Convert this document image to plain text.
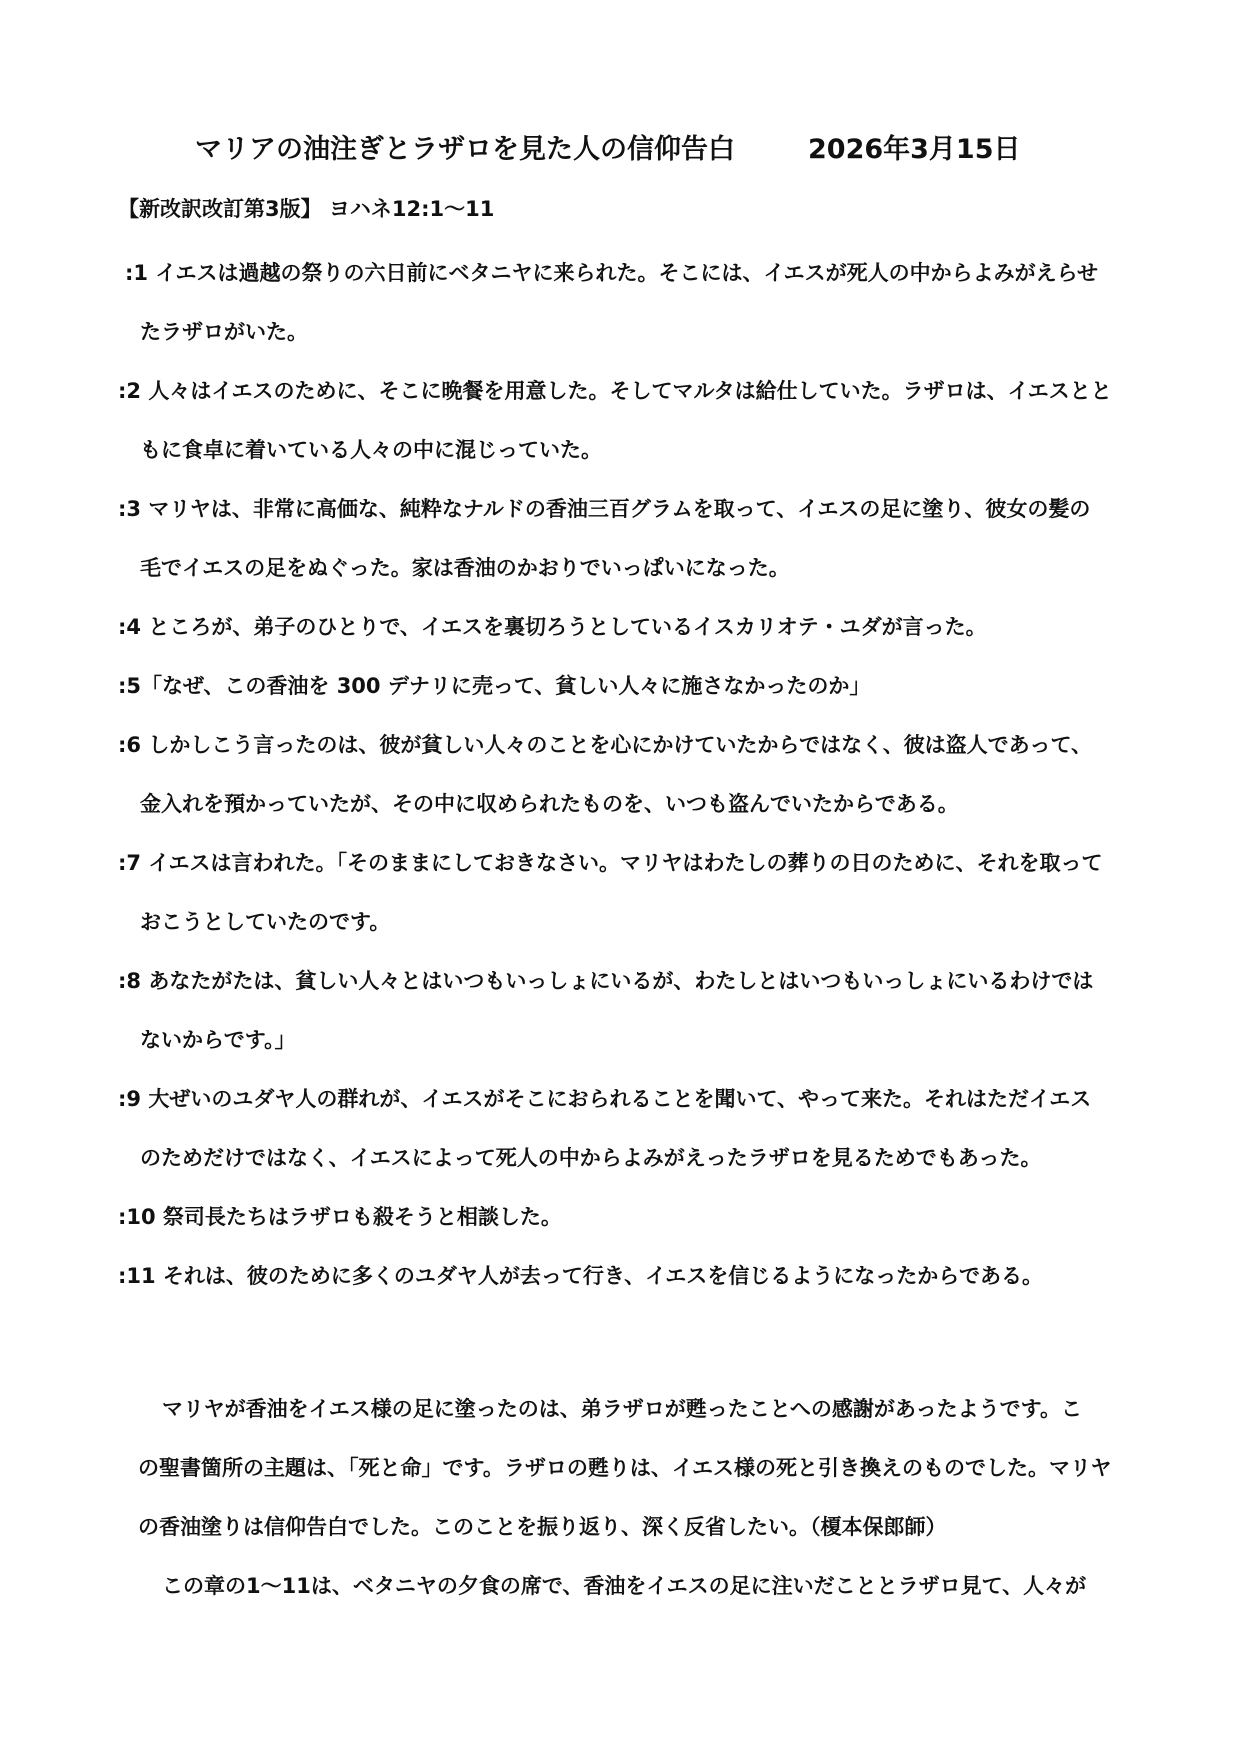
マリアの油注ぎとラザロを見た人の信仰告白	2026年3月15日
【新改訳改訂第3版】 ヨハネ12:1～11
:1 イエスは過越の祭りの六日前にベタニヤに来られた。そこには、イエスが死人の中からよみがえらせ
たラザロがいた。
:2 人々はイエスのために、そこに晩餐を用意した。そしてマルタは給仕していた。ラザロは、イエスとと
もに食卓に着いている人々の中に混じっていた。
:3 マリヤは、非常に高価な、純粋なナルドの香油三百グラムを取って、イエスの足に塗り、彼女の髪の
毛でイエスの足をぬぐった。家は香油のかおりでいっぱいになった。
:4 ところが、弟子のひとりで、イエスを裏切ろうとしているイスカリオテ・ユダが言った。
:5「なぜ、この香油を 300 デナリに売って、貧しい人々に施さなかったのか」
:6 しかしこう言ったのは、彼が貧しい人々のことを心にかけていたからではなく、彼は盗人であって、
金入れを預かっていたが、その中に収められたものを、いつも盗んでいたからである。
:7 イエスは言われた。「そのままにしておきなさい。マリヤはわたしの葬りの日のために、それを取って
おこうとしていたのです。
:8 あなたがたは、貧しい人々とはいつもいっしょにいるが、わたしとはいつもいっしょにいるわけでは
ないからです。」
:9 大ぜいのユダヤ人の群れが、イエスがそこにおられることを聞いて、やって来た。それはただイエス
のためだけではなく、イエスによって死人の中からよみがえったラザロを見るためでもあった。
:10 祭司長たちはラザロも殺そうと相談した。
:11 それは、彼のために多くのユダヤ人が去って行き、イエスを信じるようになったからである。
マリヤが香油をイエス様の足に塗ったのは、弟ラザロが甦ったことへの感謝があったようです。こ
の聖書箇所の主題は、「死と命」です。ラザロの甦りは、イエス様の死と引き換えのものでした。マリヤ
の香油塗りは信仰告白でした。このことを振り返り、深く反省したい。（榎本保郎師）
この章の1～11は、ベタニヤの夕食の席で、香油をイエスの足に注いだこととラザロ見て、人々が
